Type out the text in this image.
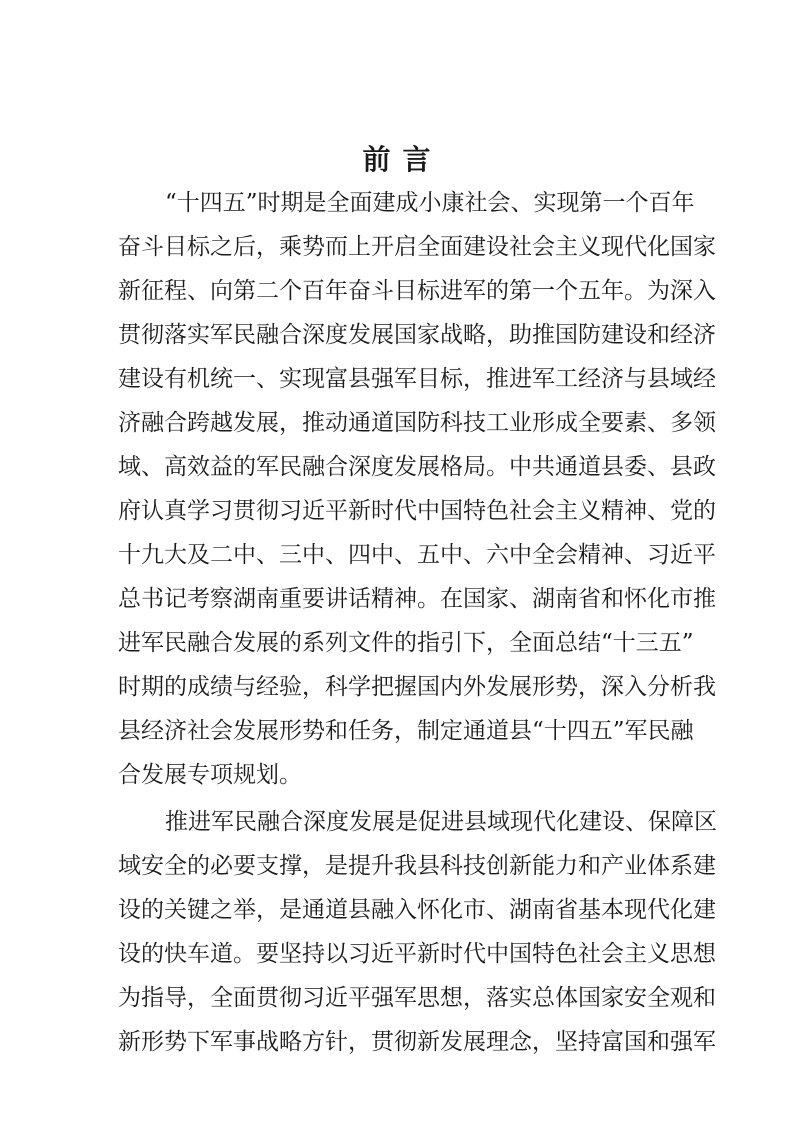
前言
“十四五”时期是全面建成小康社会、实现第一个百年
奋斗目标之后，乘势而上开启全面建设社会主义现代化国家
新征程、向第二个百年奋斗目标进军的第一个五年。为深入
贯彻落实军民融合深度发展国家战略，助推国防建设和经济
建设有机统一、实现富县强军目标，推进军工经济与县域经
济融合跨越发展，推动通道国防科技工业形成全要素、多领
域、高效益的军民融合深度发展格局。中共通道县委、县政
府认真学习贯彻习近平新时代中国特色社会主义精神、党的
十九大及二中、三中、四中、五中、六中全会精神、习近平
总书记考察湖南重要讲话精神。在国家、湖南省和怀化市推
进军民融合发展的系列文件的指引下，全面总结“十三五”
时期的成绩与经验，科学把握国内外发展形势，深入分析我
县经济社会发展形势和任务，制定通道县“十四五”军民融
合发展专项规划。
推进军民融合深度发展是促进县域现代化建设、保障区
域安全的必要支撑，是提升我县科技创新能力和产业体系建
设的关键之举，是通道县融入怀化市、湖南省基本现代化建
设的快车道。要坚持以习近平新时代中国特色社会主义思想
为指导，全面贯彻习近平强军思想，落实总体国家安全观和
新形势下军事战略方针，贯彻新发展理念，坚持富国和强军
